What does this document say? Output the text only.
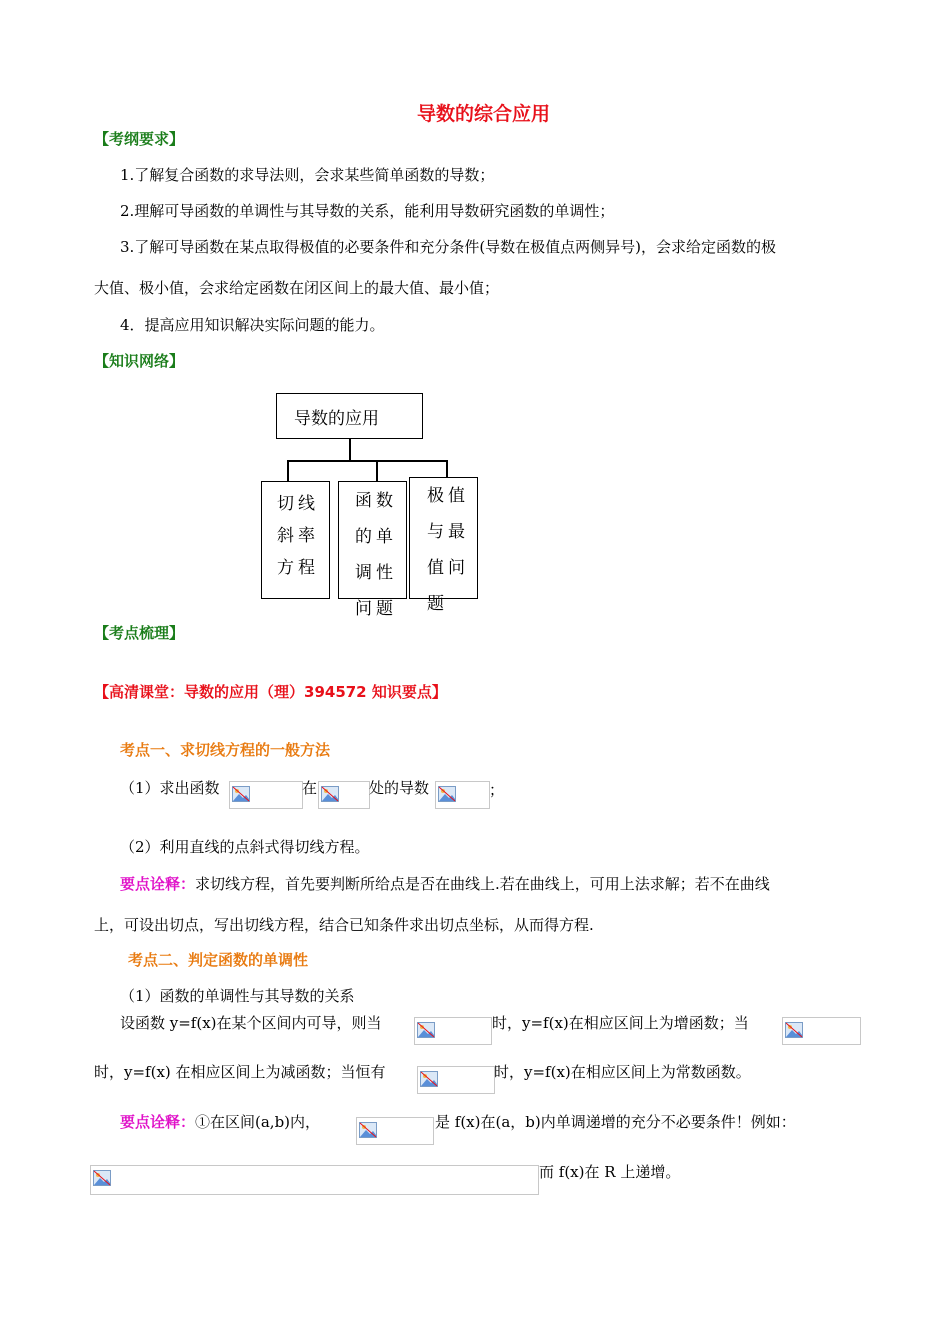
导数的综合应用
【考纲要求】
1.了解复合函数的求导法则，会求某些简单函数的导数；
2.理解可导函数的单调性与其导数的关系，能利用导数研究函数的单调性；
3.了解可导函数在某点取得极值的必要条件和充分条件(导数在极值点两侧异号)，会求给定函数的极
大值、极小值，会求给定函数在闭区间上的最大值、最小值；
4．提高应用知识解决实际问题的能力。
【知识网络】
导数的应用
切线
斜率
方程
函数
的单
调性
问题
极值
与最
值问
题
【考点梳理】
【高清课堂：导数的应用（理）394572 知识要点】
考点一、求切线方程的一般方法
（1）求出函数	在	处的导数	；
（2）利用直线的点斜式得切线方程。
要点诠释：求切线方程，首先要判断所给点是否在曲线上.若在曲线上，可用上法求解；若不在曲线
上，可设出切点，写出切线方程，结合已知条件求出切点坐标，从而得方程.
考点二、判定函数的单调性
（1）函数的单调性与其导数的关系
设函数 y=f(x)在某个区间内可导，则当	时，y=f(x)在相应区间上为增函数；当
时，y=f(x) 在相应区间上为减函数；当恒有	时，y=f(x)在相应区间上为常数函数。
要点诠释：①在区间(a,b)内，	是 f(x)在(a，b)内单调递增的充分不必要条件！例如：
而 f(x)在 R 上递增。
